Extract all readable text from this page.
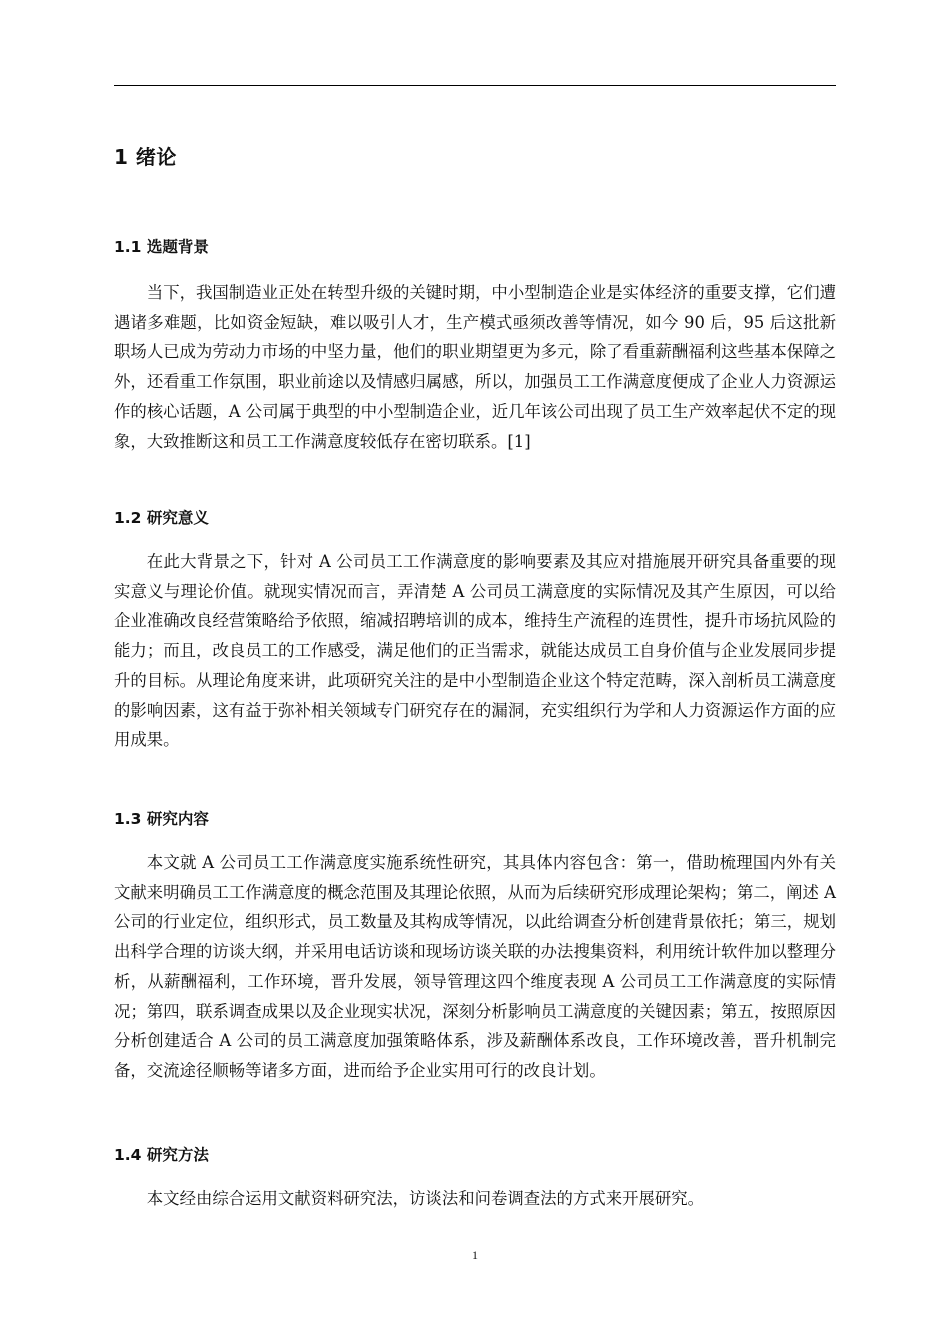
1 绪论
1.1 选题背景

当下，我国制造业正处在转型升级的关键时期，中小型制造企业是实体经济的重要支撑，它们遭遇诸多难题，比如资金短缺，难以吸引人才，生产模式亟须改善等情况，如今 90 后，95 后这批新职场人已成为劳动力市场的中坚力量，他们的职业期望更为多元，除了看重薪酬福利这些基本保障之外，还看重工作氛围，职业前途以及情感归属感，所以，加强员工工作满意度便成了企业人力资源运作的核心话题，A 公司属于典型的中小型制造企业，近几年该公司出现了员工生产效率起伏不定的现象，大致推断这和员工工作满意度较低存在密切联系。[1]

1.2 研究意义

在此大背景之下，针对 A 公司员工工作满意度的影响要素及其应对措施展开研究具备重要的现实意义与理论价值。就现实情况而言，弄清楚 A 公司员工满意度的实际情况及其产生原因，可以给企业准确改良经营策略给予依照，缩减招聘培训的成本，维持生产流程的连贯性，提升市场抗风险的能力；而且，改良员工的工作感受，满足他们的正当需求，就能达成员工自身价值与企业发展同步提升的目标。从理论角度来讲，此项研究关注的是中小型制造企业这个特定范畴，深入剖析员工满意度的影响因素，这有益于弥补相关领域专门研究存在的漏洞，充实组织行为学和人力资源运作方面的应用成果。

1.3 研究内容

本文就 A 公司员工工作满意度实施系统性研究，其具体内容包含：第一，借助梳理国内外有关文献来明确员工工作满意度的概念范围及其理论依照，从而为后续研究形成理论架构；第二，阐述 A 公司的行业定位，组织形式，员工数量及其构成等情况，以此给调查分析创建背景依托；第三，规划出科学合理的访谈大纲，并采用电话访谈和现场访谈关联的办法搜集资料，利用统计软件加以整理分析，从薪酬福利，工作环境，晋升发展，领导管理这四个维度表现 A 公司员工工作满意度的实际情况；第四，联系调查成果以及企业现实状况，深刻分析影响员工满意度的关键因素；第五，按照原因分析创建适合 A 公司的员工满意度加强策略体系，涉及薪酬体系改良，工作环境改善，晋升机制完备，交流途径顺畅等诸多方面，进而给予企业实用可行的改良计划。

1.4 研究方法

本文经由综合运用文献资料研究法，访谈法和问卷调查法的方式来开展研究。

1
